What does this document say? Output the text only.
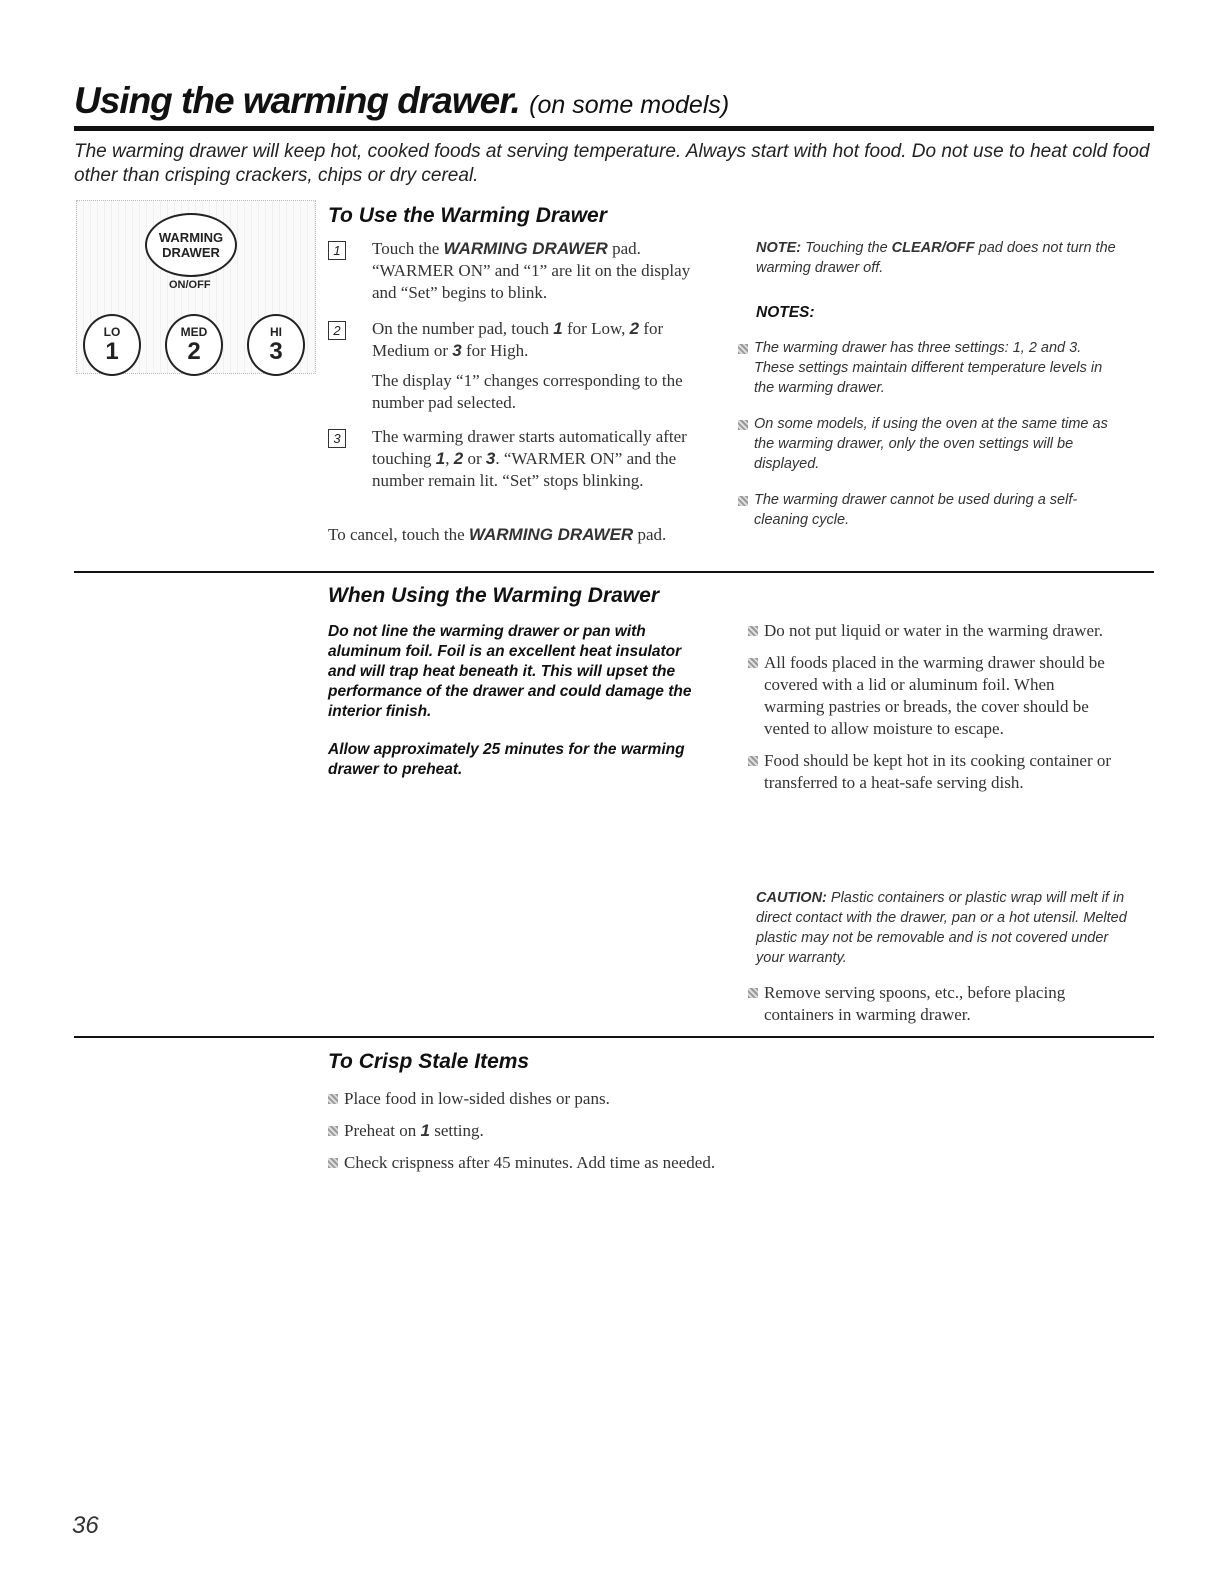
Using the warming drawer. (on some models)
The warming drawer will keep hot, cooked foods at serving temperature. Always start with hot food. Do not use to heat cold food other than crisping crackers, chips or dry cereal.
WARMING
DRAWER
ON/OFF
LO
1
MED
2
HI
3
To Use the Warming Drawer
1	Touch the WARMING DRAWER pad. “WARMER ON” and “1” are lit on the display and “Set” begins to blink.
2	On the number pad, touch 1 for Low, 2 for Medium or 3 for High.
The display “1” changes corresponding to the number pad selected.
3	The warming drawer starts automatically after touching 1, 2 or 3. “WARMER ON” and the number remain lit. “Set” stops blinking.
To cancel, touch the WARMING DRAWER pad.
NOTE: Touching the CLEAR/OFF pad does not turn the warming drawer off.
NOTES:
The warming drawer has three settings: 1, 2 and 3. These settings maintain different temperature levels in the warming drawer.
On some models, if using the oven at the same time as the warming drawer, only the oven settings will be displayed.
The warming drawer cannot be used during a self-cleaning cycle.
When Using the Warming Drawer
Do not line the warming drawer or pan with aluminum foil. Foil is an excellent heat insulator and will trap heat beneath it. This will upset the performance of the drawer and could damage the interior finish.
Allow approximately 25 minutes for the warming drawer to preheat.
Do not put liquid or water in the warming drawer.
All foods placed in the warming drawer should be covered with a lid or aluminum foil. When warming pastries or breads, the cover should be vented to allow moisture to escape.
Food should be kept hot in its cooking container or transferred to a heat-safe serving dish.
CAUTION: Plastic containers or plastic wrap will melt if in direct contact with the drawer, pan or a hot utensil. Melted plastic may not be removable and is not covered under your warranty.
Remove serving spoons, etc., before placing containers in warming drawer.
To Crisp Stale Items
Place food in low-sided dishes or pans.
Preheat on 1 setting.
Check crispness after 45 minutes. Add time as needed.
36
